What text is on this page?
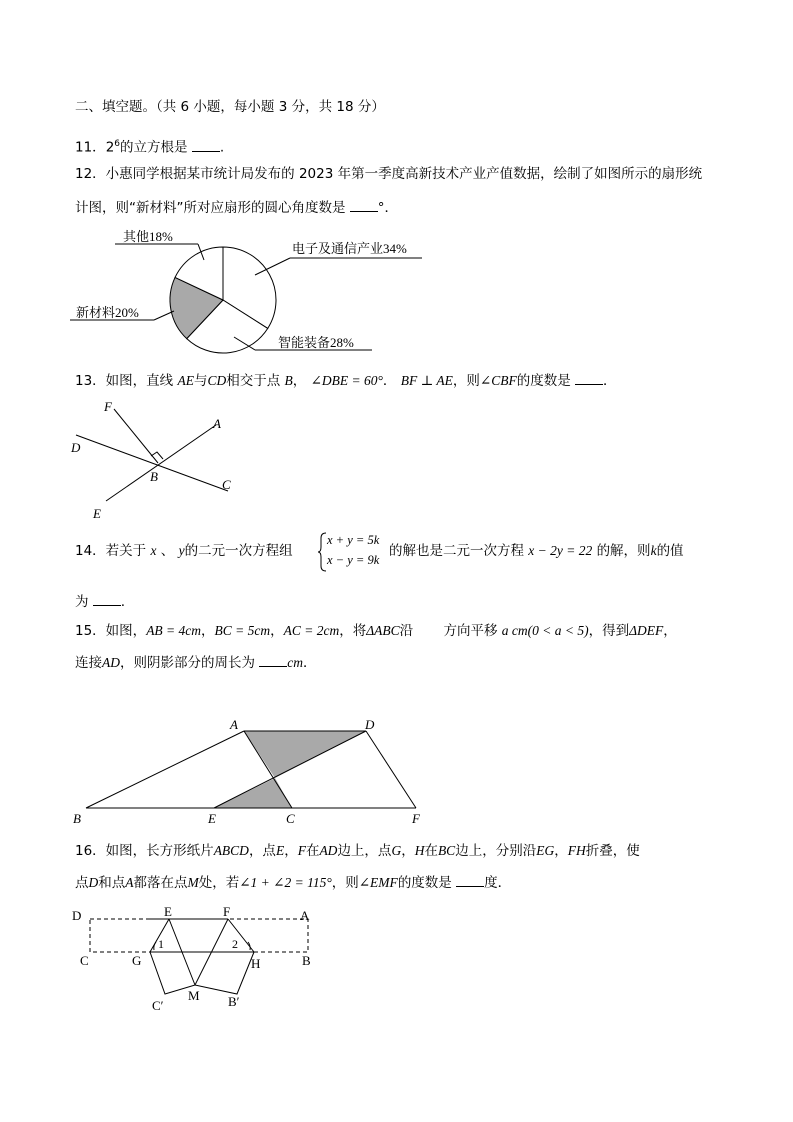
二、填空题。（共 6 小题，每小题 3 分，共 18 分）
11．$2^6$的立方根是 .
12．小惠同学根据某市统计局发布的 2023 年第一季度高新技术产业产值数据，绘制了如图所示的扇形统
计图，则“新材料”所对应扇形的圆心角度数是 °．
其他18%
电子及通信产业34%
新材料20%
智能装备28%
13．如图，直线 AE与CD相交于点 B， ∠DBE = 60°． BF ⊥ AE，则∠CBF的度数是 ．
F
A
D
B
C
E
14．若关于 x 、 y的二元一次方程组
x + y = 5k
x − y = 9k
的解也是二元一次方程 x − 2y = 22 的解，则k的值
为 .
15．如图，AB = 4cm，BC = 5cm，AC = 2cm，将ΔABC沿 方向平移 a cm(0 < a < 5)，得到ΔDEF，
连接AD，则阴影部分的周长为 cm．
A	D
B	E	C	F
16．如图，长方形纸片ABCD，点E，F在AD边上，点G，H在BC边上，分别沿EG，FH折叠，使
点D和点A都落在点M处，若∠1 + ∠2 = 115°，则∠EMF的度数是 度．
D	E	F	A
C	G	H	B
1	2
M
C′	B′
